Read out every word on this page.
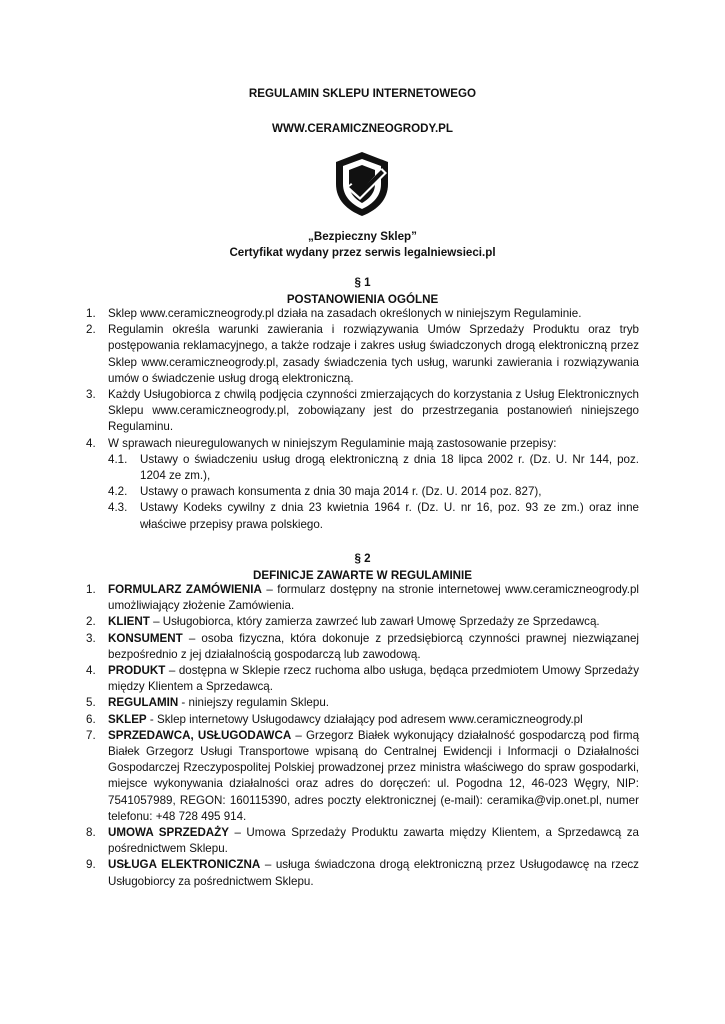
REGULAMIN SKLEPU INTERNETOWEGO
WWW.CERAMICZNEOGRODY.PL
„Bezpieczny Sklep”
Certyfikat wydany przez serwis legalniewsieci.pl
§ 1
POSTANOWIENIA OGÓLNE
1. Sklep www.ceramiczneogrody.pl działa na zasadach określonych w niniejszym Regulaminie.
2. Regulamin określa warunki zawierania i rozwiązywania Umów Sprzedaży Produktu oraz tryb postępowania reklamacyjnego, a także rodzaje i zakres usług świadczonych drogą elektroniczną przez Sklep www.ceramiczneogrody.pl, zasady świadczenia tych usług, warunki zawierania i rozwiązywania umów o świadczenie usług drogą elektroniczną.
3. Każdy Usługobiorca z chwilą podjęcia czynności zmierzających do korzystania z Usług Elektronicznych Sklepu www.ceramiczneogrody.pl, zobowiązany jest do przestrzegania postanowień niniejszego Regulaminu.
4. W sprawach nieuregulowanych w niniejszym Regulaminie mają zastosowanie przepisy:
4.1. Ustawy o świadczeniu usług drogą elektroniczną z dnia 18 lipca 2002 r. (Dz. U. Nr 144, poz. 1204 ze zm.),
4.2. Ustawy o prawach konsumenta z dnia 30 maja 2014 r. (Dz. U. 2014 poz. 827),
4.3. Ustawy Kodeks cywilny z dnia 23 kwietnia 1964 r. (Dz. U. nr 16, poz. 93 ze zm.) oraz inne właściwe przepisy prawa polskiego.
§ 2
DEFINICJE ZAWARTE W REGULAMINIE
1. FORMULARZ ZAMÓWIENIA – formularz dostępny na stronie internetowej www.ceramiczneogrody.pl umożliwiający złożenie Zamówienia.
2. KLIENT – Usługobiorca, który zamierza zawrzeć lub zawarł Umowę Sprzedaży ze Sprzedawcą.
3. KONSUMENT – osoba fizyczna, która dokonuje z przedsiębiorcą czynności prawnej niezwiązanej bezpośrednio z jej działalnością gospodarczą lub zawodową.
4. PRODUKT – dostępna w Sklepie rzecz ruchoma albo usługa, będąca przedmiotem Umowy Sprzedaży między Klientem a Sprzedawcą.
5. REGULAMIN - niniejszy regulamin Sklepu.
6. SKLEP - Sklep internetowy Usługodawcy działający pod adresem www.ceramiczneogrody.pl
7. SPRZEDAWCA, USŁUGODAWCA – Grzegorz Białek wykonujący działalność gospodarczą pod firmą Białek Grzegorz Usługi Transportowe wpisaną do Centralnej Ewidencji i Informacji o Działalności Gospodarczej Rzeczypospolitej Polskiej prowadzonej przez ministra właściwego do spraw gospodarki, miejsce wykonywania działalności oraz adres do doręczeń: ul. Pogodna 12, 46-023 Węgry, NIP: 7541057989, REGON: 160115390, adres poczty elektronicznej (e-mail): ceramika@vip.onet.pl, numer telefonu: +48 728 495 914.
8. UMOWA SPRZEDAŻY – Umowa Sprzedaży Produktu zawarta między Klientem, a Sprzedawcą za pośrednictwem Sklepu.
9. USŁUGA ELEKTRONICZNA – usługa świadczona drogą elektroniczną przez Usługodawcę na rzecz Usługobiorcy za pośrednictwem Sklepu.
